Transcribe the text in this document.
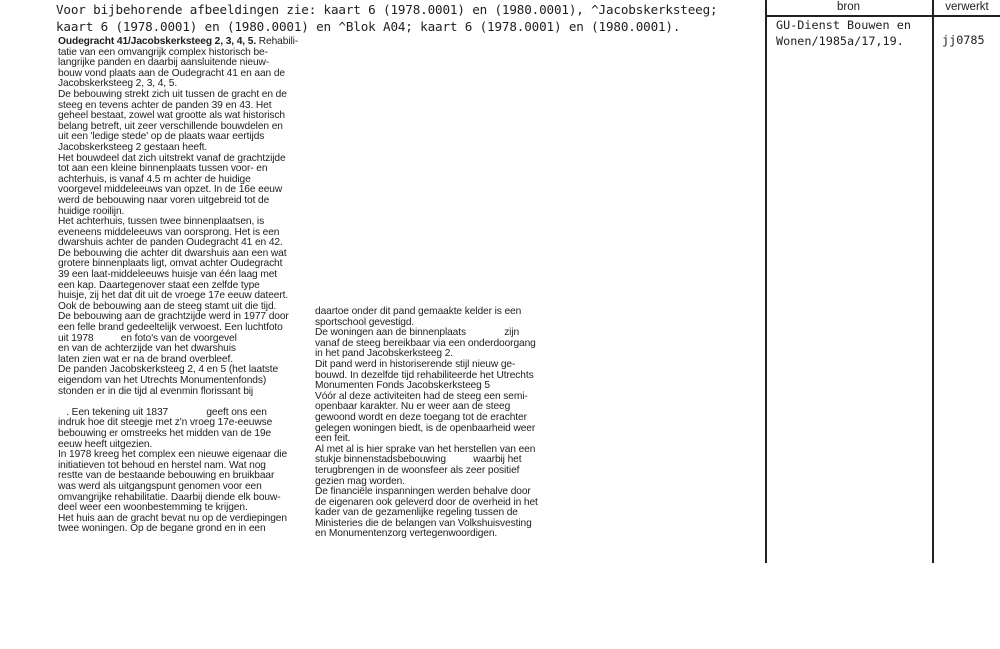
Voor bijbehorende afbeeldingen zie: kaart 6 (1978.0001) en (1980.0001), ^Jacobskerksteeg;
kaart 6 (1978.0001) en (1980.0001) en ^Blok A04; kaart 6 (1978.0001) en (1980.0001).
Oudegracht 41/Jacobskerksteeg 2, 3, 4, 5. Rehabili-
tatie van een omvangrijk complex historisch be-
langrijke panden en daarbij aansluitende nieuw-
bouw vond plaats aan de Oudegracht 41 en aan de
Jacobskerksteeg 2, 3, 4, 5.
De bebouwing strekt zich uit tussen de gracht en de
steeg en tevens achter de panden 39 en 43. Het
geheel bestaat, zowel wat grootte als wat historisch
belang betreft, uit zeer verschillende bouwdelen en
uit een 'ledige stede' op de plaats waar eertijds
Jacobskerksteeg 2 gestaan heeft.
Het bouwdeel dat zich uitstrekt vanaf de grachtzijde
tot aan een kleine binnenplaats tussen voor- en
achterhuis, is vanaf 4.5 m achter de huidige
voorgevel middeleeuws van opzet. In de 16e eeuw
werd de bebouwing naar voren uitgebreid tot de
huidige rooilijn.
Het achterhuis, tussen twee binnenplaatsen, is
eveneens middeleeuws van oorsprong. Het is een
dwarshuis achter de panden Oudegracht 41 en 42.
De bebouwing die achter dit dwarshuis aan een wat
grotere binnenplaats ligt, omvat achter Oudegracht
39 een laat-middeleeuws huisje van één laag met
een kap. Daartegenover staat een zelfde type
huisje, zij het dat dit uit de vroege 17e eeuw dateert.
Ook de bebouwing aan de steeg stamt uit die tijd.
De bebouwing aan de grachtzijde werd in 1977 door
een felle brand gedeeltelijk verwoest. Een luchtfoto
uit 1978          en foto's van de voorgevel
en van de achterzijde van het dwarshuis
laten zien wat er na de brand overbleef.
De panden Jacobskerksteeg 2, 4 en 5 (het laatste
eigendom van het Utrechts Monumentenfonds)
stonden er in die tijd al evenmin florissant bij

. Een tekening uit 1837              geeft ons een
indruk hoe dit steegje met z'n vroeg 17e-eeuwse
bebouwing er omstreeks het midden van de 19e
eeuw heeft uitgezien.
In 1978 kreeg het complex een nieuwe eigenaar die
initiatieven tot behoud en herstel nam. Wat nog
restte van de bestaande bebouwing en bruikbaar
was werd als uitgangspunt genomen voor een
omvangrijke rehabilitatie. Daarbij diende elk bouw-
deel weer een woonbestemming te krijgen.
Het huis aan de gracht bevat nu op de verdiepingen
twee woningen. Op de begane grond en in een
daartoe onder dit pand gemaakte kelder is een
sportschool gevestigd.
De woningen aan de binnenplaats              zijn
vanaf de steeg bereikbaar via een onderdoorgang
in het pand Jacobskerksteeg 2.
Dit pand werd in historiserende stijl nieuw ge-
bouwd. In dezelfde tijd rehabiliteerde het Utrechts
Monumenten Fonds Jacobskerksteeg 5
Vóór al deze activiteiten had de steeg een semi-
openbaar karakter. Nu er weer aan de steeg
gewoond wordt en deze toegang tot de erachter
gelegen woningen biedt, is de openbaarheid weer
een feit.
Al met al is hier sprake van het herstellen van een
stukje binnenstadsbebouwing          waarbij het
terugbrengen in de woonsfeer als zeer positief
gezien mag worden.
De financiële inspanningen werden behalve door
de eigenaren ook geleverd door de overheid in het
kader van de gezamenlijke regeling tussen de
Ministeries die de belangen van Volkshuisvesting
en Monumentenzorg vertegenwoordigen.
bron	verwerkt
GU-Dienst Bouwen en
Wonen/1985a/17,19.	jj0785
